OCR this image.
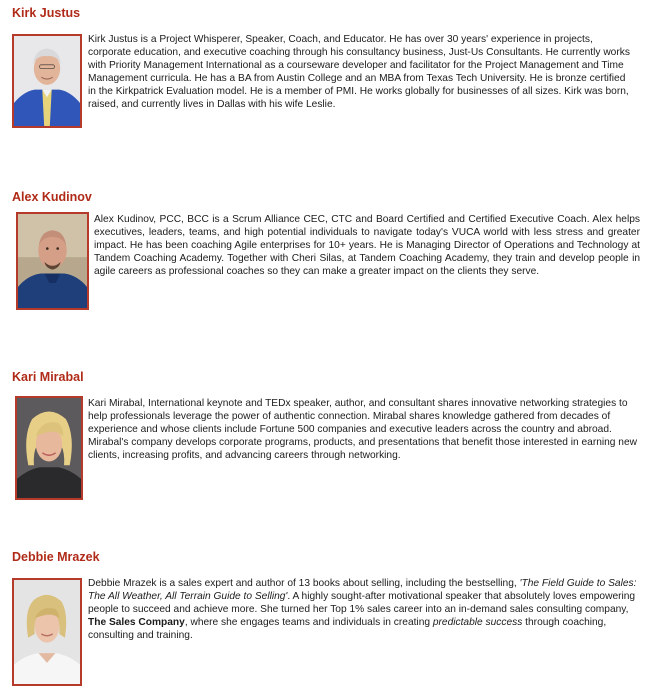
Kirk Justus

Kirk Justus is a Project Whisperer, Speaker, Coach, and Educator. He has over 30 years' experience in projects, corporate education, and executive coaching through his consultancy business, Just-Us Consultants. He currently works with Priority Management International as a courseware developer and facilitator for the Project Management and Time Management curricula. He has a BA from Austin College and an MBA from Texas Tech University. He is bronze certified in the Kirkpatrick Evaluation model. He is a member of PMI. He works globally for businesses of all sizes. Kirk was born, raised, and currently lives in Dallas with his wife Leslie.

Alex Kudinov

Alex Kudinov, PCC, BCC is a Scrum Alliance CEC, CTC and Board Certified and Certified Executive Coach. Alex helps executives, leaders, teams, and high potential individuals to navigate today's VUCA world with less stress and greater impact. He has been coaching Agile enterprises for 10+ years. He is Managing Director of Operations and Technology at Tandem Coaching Academy. Together with Cheri Silas, at Tandem Coaching Academy, they train and develop people in agile careers as professional coaches so they can make a greater impact on the clients they serve.

Kari Mirabal

Kari Mirabal, International keynote and TEDx speaker, author, and consultant shares innovative networking strategies to help professionals leverage the power of authentic connection. Mirabal shares knowledge gathered from decades of experience and whose clients include Fortune 500 companies and executive leaders across the country and abroad. Mirabal's company develops corporate programs, products, and presentations that benefit those interested in earning new clients, increasing profits, and advancing careers through networking.

Debbie Mrazek

Debbie Mrazek is a sales expert and author of 13 books about selling, including the bestselling, 'The Field Guide to Sales: The All Weather, All Terrain Guide to Selling'. A highly sought-after motivational speaker that absolutely loves empowering people to succeed and achieve more. She turned her Top 1% sales career into an in-demand sales consulting company, The Sales Company, where she engages teams and individuals in creating predictable success through coaching, consulting and training.
